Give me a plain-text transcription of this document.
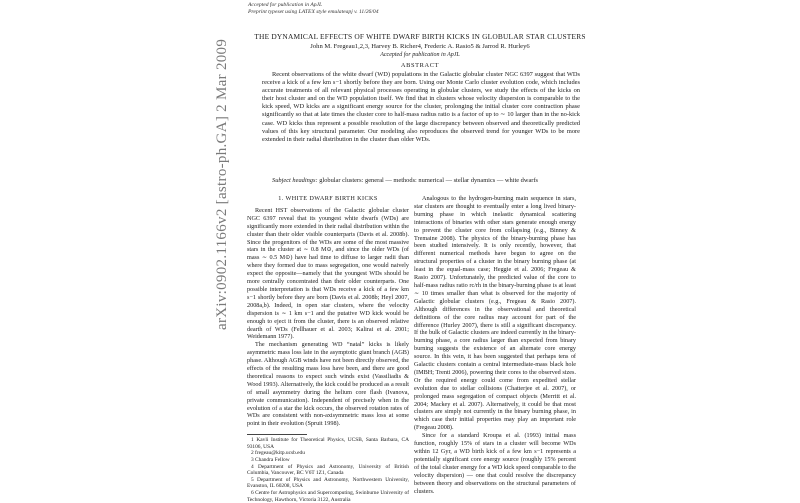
Accepted for publication in ApJL
Preprint typeset using LATEX style emulateapj v. 11/26/04
arXiv:0902.1166v2 [astro-ph.GA] 2 Mar 2009
THE DYNAMICAL EFFECTS OF WHITE DWARF BIRTH KICKS IN GLOBULAR STAR CLUSTERS
John M. Fregeau1,2,3, Harvey B. Richer4, Frederic A. Rasio5 & Jarrod R. Hurley6
Accepted for publication in ApJL
ABSTRACT

Recent observations of the white dwarf (WD) populations in the Galactic globular cluster NGC 6397 suggest that WDs receive a kick of a few km s−1 shortly before they are born. Using our Monte Carlo cluster evolution code, which includes accurate treatments of all relevant physical processes operating in globular clusters, we study the effects of the kicks on their host cluster and on the WD population itself. We find that in clusters whose velocity dispersion is comparable to the kick speed, WD kicks are a significant energy source for the cluster, prolonging the initial cluster core contraction phase significantly so that at late times the cluster core to half-mass radius ratio is a factor of up to ∼ 10 larger than in the no-kick case. WD kicks thus represent a possible resolution of the large discrepancy between observed and theoretically predicted values of this key structural parameter. Our modeling also reproduces the observed trend for younger WDs to be more extended in their radial distribution in the cluster than older WDs.

Subject headings: globular clusters: general — methods: numerical — stellar dynamics — white dwarfs

1. WHITE DWARF BIRTH KICKS

Recent HST observations of the Galactic globular cluster NGC 6397 reveal that its youngest white dwarfs (WDs) are significantly more extended in their radial distribution within the cluster than their older visible counterparts (Davis et al. 2008b). Since the progenitors of the WDs are some of the most massive stars in the cluster at ∼ 0.8 M⊙, and since the older WDs (of mass ∼ 0.5 M⊙) have had time to diffuse to larger radii than where they formed due to mass segregation, one would naively expect the opposite—namely that the youngest WDs should be more centrally concentrated than their older counterparts. One possible interpretation is that WDs receive a kick of a few km s−1 shortly before they are born (Davis et al. 2008b; Heyl 2007, 2008a,b). Indeed, in open star clusters, where the velocity dispersion is ∼ 1 km s−1 and the putative WD kick would be enough to eject it from the cluster, there is an observed relative dearth of WDs (Fellhauer et al. 2003; Kalirai et al. 2001; Weidemann 1977).

The mechanism generating WD “natal” kicks is likely asymmetric mass loss late in the asymptotic giant branch (AGB) phase. Although AGB winds have not been directly observed, the effects of the resulting mass loss have been, and there are good theoretical reasons to expect such winds exist (Vassiliadis & Wood 1993). Alternatively, the kick could be produced as a result of small asymmetry during the helium core flash (Ivanova, private communication). Independent of precisely when in the evolution of a star the kick occurs, the observed rotation rates of WDs are consistent with non-axisymmetric mass loss at some point in their evolution (Spruit 1998).

1 Kavli Institute for Theoretical Physics, UCSB, Santa Barbara, CA 93106, USA
2 fregeau@kitp.ucsb.edu
3 Chandra Fellow
4 Department of Physics and Astronomy, University of British Columbia, Vancouver, BC V6T 1Z1, Canada
5 Department of Physics and Astronomy, Northwestern University, Evanston, IL 60208, USA
6 Centre for Astrophysics and Supercomputing, Swinburne University of Technology, Hawthorn, Victoria 3122, Australia

Analogous to the hydrogen-burning main sequence in stars, star clusters are thought to eventually enter a long lived binary-burning phase in which inelastic dynamical scattering interactions of binaries with other stars generate enough energy to prevent the cluster core from collapsing (e.g., Binney & Tremaine 2008). The physics of the binary-burning phase has been studied intensively. It is only recently, however, that different numerical methods have begun to agree on the structural properties of a cluster in the binary burning phase (at least in the equal-mass case; Heggie et al. 2006; Fregeau & Rasio 2007). Unfortunately, the predicted value of the core to half-mass radius ratio rc/rh in the binary-burning phase is at least ∼ 10 times smaller than what is observed for the majority of Galactic globular clusters (e.g., Fregeau & Rasio 2007). Although differences in the observational and theoretical definitions of the core radius may account for part of the difference (Hurley 2007), there is still a significant discrepancy. If the bulk of Galactic clusters are indeed currently in the binary-burning phase, a core radius larger than expected from binary burning suggests the existence of an alternate core energy source. In this vein, it has been suggested that perhaps tens of Galactic clusters contain a central intermediate-mass black hole (IMBH; Trenti 2006), powering their cores to the observed sizes. Or the required energy could come from expedited stellar evolution due to stellar collisions (Chatterjee et al. 2007), or prolonged mass segregation of compact objects (Merritt et al. 2004; Mackey et al. 2007). Alternatively, it could be that most clusters are simply not currently in the binary burning phase, in which case their initial properties may play an important role (Fregeau 2008).

Since for a standard Kroupa et al. (1993) initial mass function, roughly 15% of stars in a cluster will become WDs within 12 Gyr, a WD birth kick of a few km s−1 represents a potentially significant core energy source (roughly 15% percent of the total cluster energy for a WD kick speed comparable to the velocity dispersion) — one that could resolve the discrepancy between theory and observations on the structural parameters of clusters.
